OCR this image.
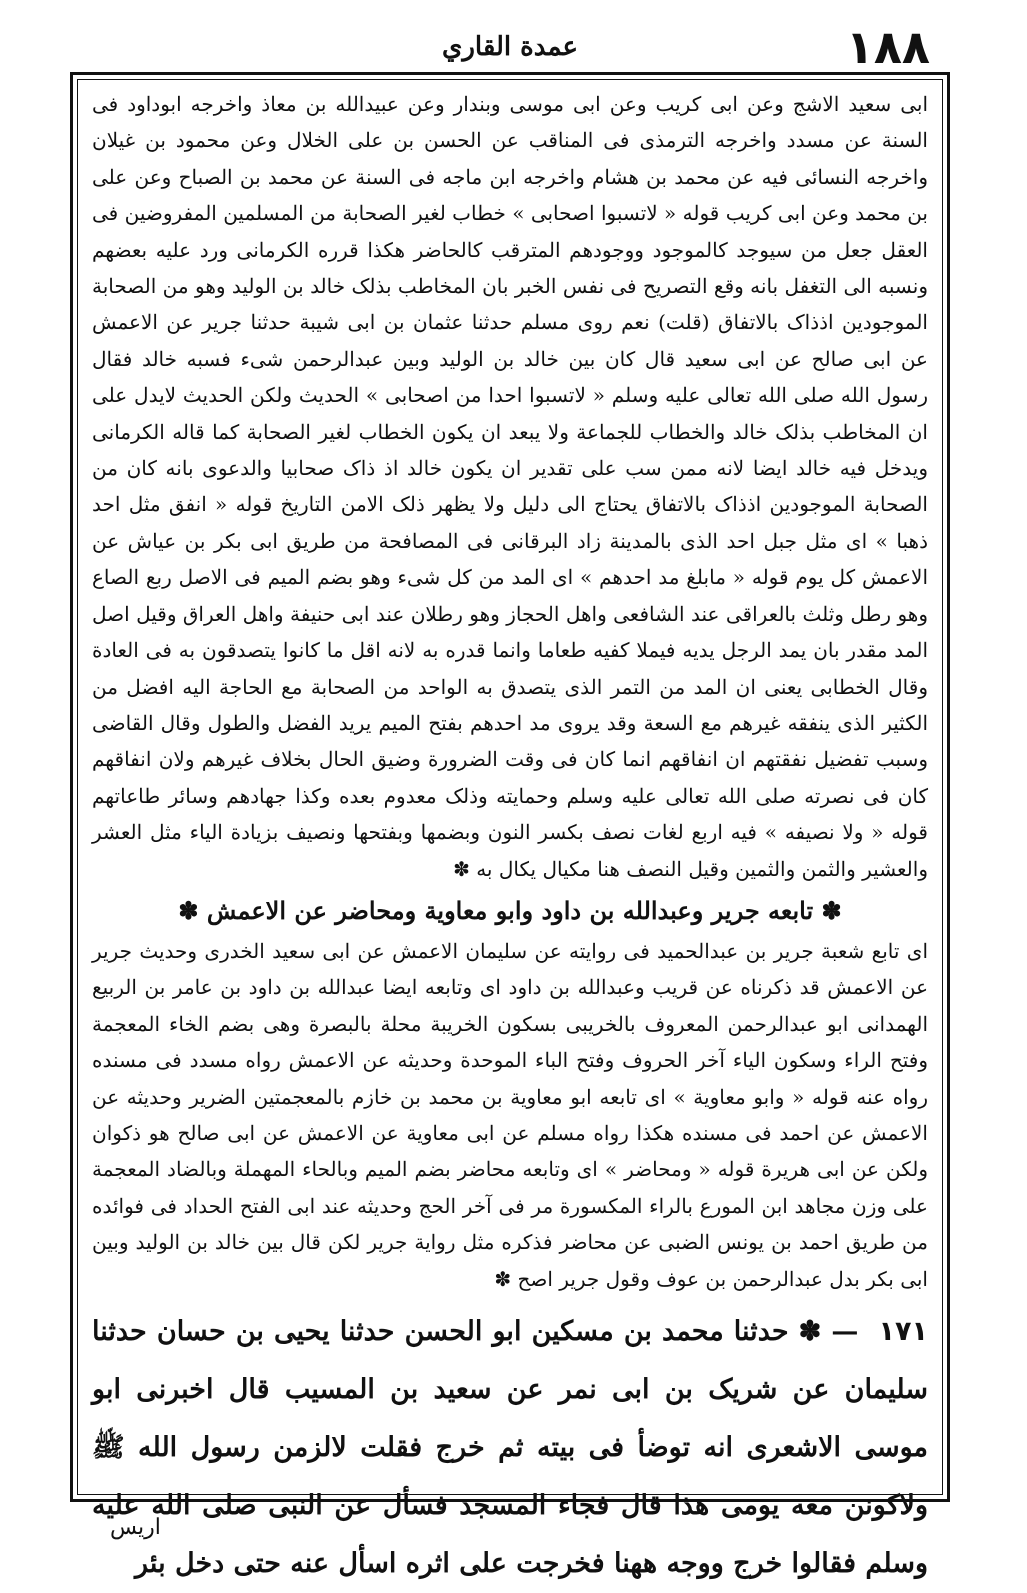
عمدة القاري	١٨٨

ابی سعید الاشج وعن ابی کریب وعن ابی موسی وبندار وعن عبیدالله بن معاذ واخرجه ابوداود فی السنة عن مسدد واخرجه الترمذی فی المناقب عن الحسن بن علی الخلال وعن محمود بن غیلان واخرجه النسائی فیه عن محمد بن هشام واخرجه ابن ماجه فی السنة عن محمد بن الصباح وعن علی بن محمد وعن ابی کریب قوله « لاتسبوا اصحابی » خطاب لغیر الصحابة من المسلمین المفروضین فی العقل جعل من سیوجد کالموجود ووجودهم المترقب کالحاضر هکذا قرره الکرمانی ورد علیه بعضهم ونسبه الی التغفل بانه وقع التصریح فی نفس الخبر بان المخاطب بذلک خالد بن الولید وهو من الصحابة الموجودین اذذاک بالاتفاق (قلت) نعم روی مسلم حدثنا عثمان بن ابی شیبة حدثنا جریر عن الاعمش عن ابی صالح عن ابی سعید قال کان بین خالد بن الولید وبین عبدالرحمن شیء فسبه خالد فقال رسول الله صلی الله تعالی علیه وسلم « لاتسبوا احدا من اصحابی » الحدیث ولکن الحدیث لایدل علی ان المخاطب بذلک خالد والخطاب للجماعة ولا یبعد ان یکون الخطاب لغیر الصحابة کما قاله الکرمانی ویدخل فیه خالد ایضا لانه ممن سب علی تقدیر ان یکون خالد اذ ذاک صحابیا والدعوی بانه کان من الصحابة الموجودین اذذاک بالاتفاق یحتاج الی دلیل ولا یظهر ذلک الامن التاریخ قوله « انفق مثل احد ذهبا » ای مثل جبل احد الذی بالمدینة زاد البرقانی فی المصافحة من طریق ابی بکر بن عیاش عن الاعمش کل یوم قوله « مابلغ مد احدهم » ای المد من کل شیء وهو بضم المیم فی الاصل ربع الصاع وهو رطل وثلث بالعراقی عند الشافعی واهل الحجاز وهو رطلان عند ابی حنیفة واهل العراق وقیل اصل المد مقدر بان یمد الرجل یدیه فیملا کفیه طعاما وانما قدره به لانه اقل ما کانوا یتصدقون به فی العادة وقال الخطابی یعنی ان المد من التمر الذی یتصدق به الواحد من الصحابة مع الحاجة الیه افضل من الکثیر الذی ینفقه غیرهم مع السعة وقد یروی مد احدهم بفتح المیم یرید الفضل والطول وقال القاضی وسبب تفضیل نفقتهم ان انفاقهم انما کان فی وقت الضرورة وضیق الحال بخلاف غیرهم ولان انفاقهم کان فی نصرته صلی الله تعالی علیه وسلم وحمایته وذلک معدوم بعده وکذا جهادهم وسائر طاعاتهم قوله « ولا نصیفه » فیه اربع لغات نصف بکسر النون وبضمها وبفتحها ونصیف بزیادة الیاء مثل العشر والعشیر والثمن والثمین وقیل النصف هنا مکیال یکال به ✽

✽ تابعه جریر وعبدالله بن داود وابو معاویة ومحاضر عن الاعمش ✽

ای تابع شعبة جریر بن عبدالحمید فی روایته عن سلیمان الاعمش عن ابی سعید الخدری وحدیث جریر عن الاعمش قد ذکرناه عن قریب وعبدالله بن داود ای وتابعه ایضا عبدالله بن داود بن عامر بن الربیع الهمدانی ابو عبدالرحمن المعروف بالخریبی بسکون الخریبة محلة بالبصرة وهی بضم الخاء المعجمة وفتح الراء وسکون الیاء آخر الحروف وفتح الباء الموحدة وحدیثه عن الاعمش رواه مسدد فی مسنده رواه عنه قوله « وابو معاویة » ای تابعه ابو معاویة بن محمد بن خازم بالمعجمتین الضریر وحدیثه عن الاعمش عن احمد فی مسنده هکذا رواه مسلم عن ابی معاویة عن الاعمش عن ابی صالح هو ذکوان ولکن عن ابی هریرة قوله « ومحاضر » ای وتابعه محاضر بضم المیم وبالحاء المهملة وبالضاد المعجمة علی وزن مجاهد ابن المورع بالراء المکسورة مر فی آخر الحج وحدیثه عند ابی الفتح الحداد فی فوائده من طریق احمد بن یونس الضبی عن محاضر فذکره مثل روایة جریر لکن قال بین خالد بن الولید وبین ابی بکر بدل عبدالرحمن بن عوف وقول جریر اصح ✽

١٧١ — ✽ حدثنا محمد بن مسکین ابو الحسن حدثنا یحیی بن حسان حدثنا سلیمان عن شریک بن ابی نمر عن سعید بن المسیب قال اخبرنی ابو موسی الاشعری انه توضأ فی بیته ثم خرج فقلت لالزمن رسول الله ﷺ ولاکونن معه یومی هذا قال فجاء المسجد فسأل عن النبی صلی الله علیه وسلم فقالوا خرج ووجه ههنا فخرجت علی اثره اسأل عنه حتی دخل بئر

اریس
